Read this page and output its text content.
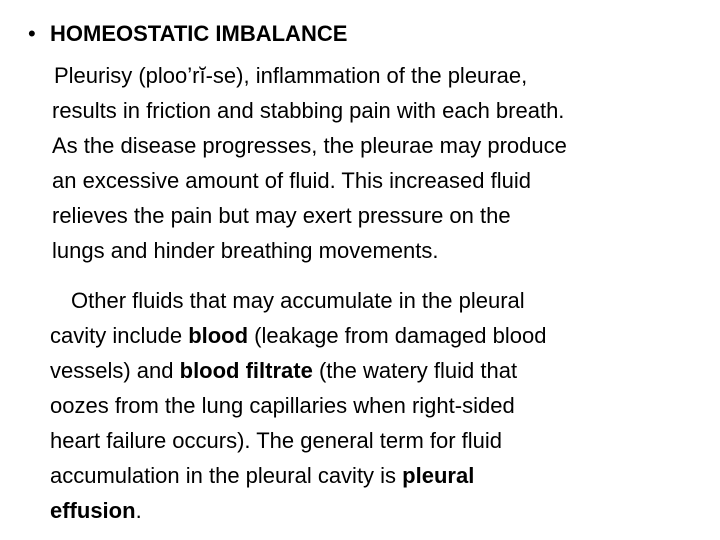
• HOMEOSTATIC IMBALANCE
Pleurisy (ploo’rĭ-se), inflammation of the pleurae,
results in friction and stabbing pain with each breath.
As the disease progresses, the pleurae may produce
an excessive amount of fluid. This increased fluid
relieves the pain but may exert pressure on the
lungs and hinder breathing movements.
Other fluids that may accumulate in the pleural
cavity include blood (leakage from damaged blood
vessels) and blood filtrate (the watery fluid that
oozes from the lung capillaries when right-sided
heart failure occurs). The general term for fluid
accumulation in the pleural cavity is pleural
effusion.
